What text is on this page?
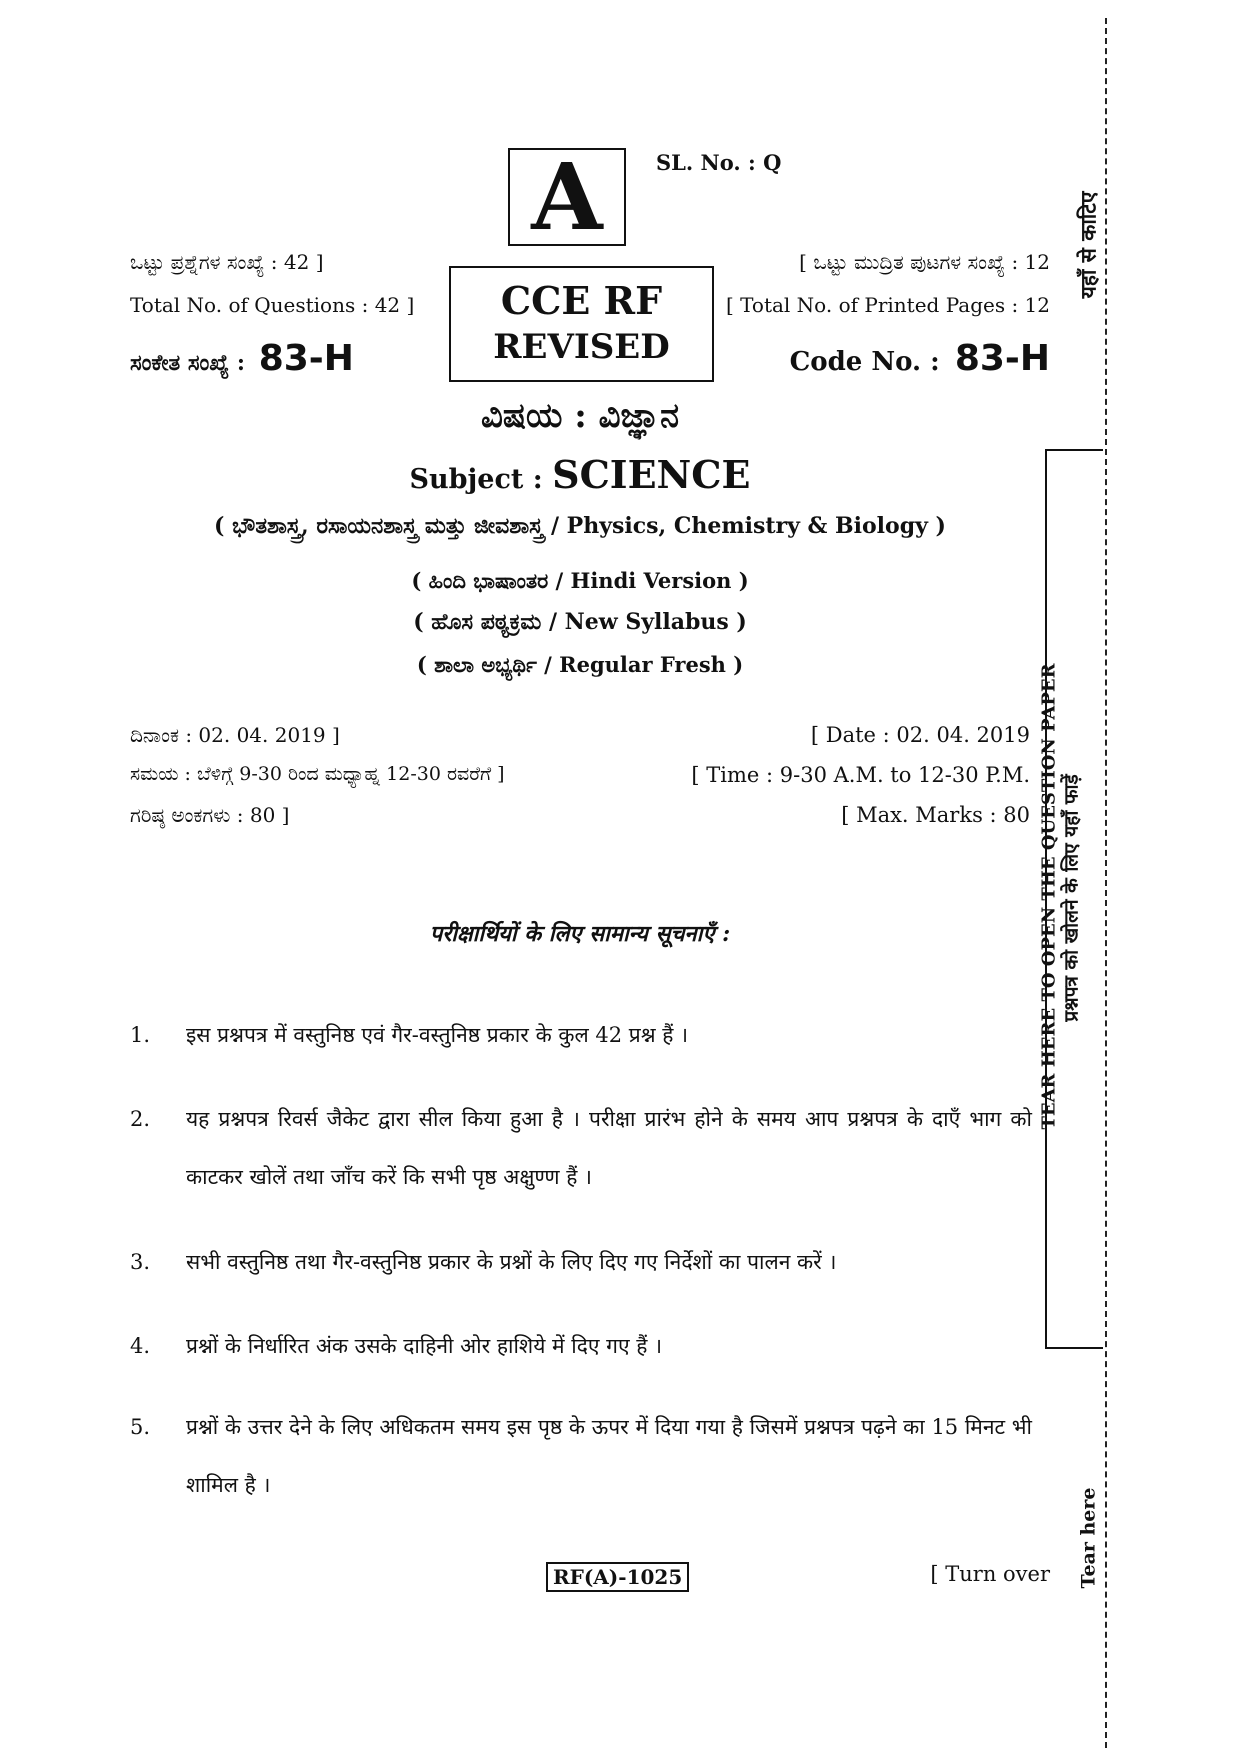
A	SL. No. : Q
ಒಟ್ಟು ಪ್ರಶ್ನೆಗಳ ಸಂಖ್ಯೆ : 42 ]
Total No. of Questions : 42 ]
[ ಒಟ್ಟು ಮುದ್ರಿತ ಪುಟಗಳ ಸಂಖ್ಯೆ : 12
[ Total No. of Printed Pages : 12
CCE RF
REVISED
ಸಂಕೇತ ಸಂಖ್ಯೆ : 83-H	Code No. : 83-H
ವಿಷಯ : ವಿಜ್ಞಾನ
Subject : SCIENCE
( ಭೌತಶಾಸ್ತ್ರ, ರಸಾಯನಶಾಸ್ತ್ರ ಮತ್ತು ಜೀವಶಾಸ್ತ್ರ / Physics, Chemistry & Biology )
( ಹಿಂದಿ ಭಾಷಾಂತರ / Hindi Version )
( ಹೊಸ ಪಠ್ಯಕ್ರಮ / New Syllabus )
( ಶಾಲಾ ಅಭ್ಯರ್ಥಿ / Regular Fresh )
ದಿನಾಂಕ : 02. 04. 2019 ]	[ Date : 02. 04. 2019
ಸಮಯ : ಬೆಳಿಗ್ಗೆ 9-30 ರಿಂದ ಮಧ್ಯಾಹ್ನ 12-30 ರವರೆಗೆ ]	[ Time : 9-30 A.M. to 12-30 P.M.
ಗರಿಷ್ಠ ಅಂಕಗಳು : 80 ]	[ Max. Marks : 80
परीक्षार्थियों के लिए सामान्य सूचनाएँ :
1. इस प्रश्नपत्र में वस्तुनिष्ठ एवं गैर-वस्तुनिष्ठ प्रकार के कुल 42 प्रश्न हैं ।
2. यह प्रश्नपत्र रिवर्स जैकेट द्वारा सील किया हुआ है । परीक्षा प्रारंभ होने के समय आप प्रश्नपत्र के दाएँ भाग को काटकर खोलें तथा जाँच करें कि सभी पृष्ठ अक्षुण्ण हैं ।
3. सभी वस्तुनिष्ठ तथा गैर-वस्तुनिष्ठ प्रकार के प्रश्नों के लिए दिए गए निर्देशों का पालन करें ।
4. प्रश्नों के निर्धारित अंक उसके दाहिनी ओर हाशिये में दिए गए हैं ।
5. प्रश्नों के उत्तर देने के लिए अधिकतम समय इस पृष्ठ के ऊपर में दिया गया है जिसमें प्रश्नपत्र पढ़ने का 15 मिनट भी शामिल है ।
RF(A)-1025	[ Turn over
यहाँ से काटिए
TEAR HERE TO OPEN THE QUESTION PAPER प्रश्नपत्र को खोलने के लिए यहाँ फाड़ें
Tear here
